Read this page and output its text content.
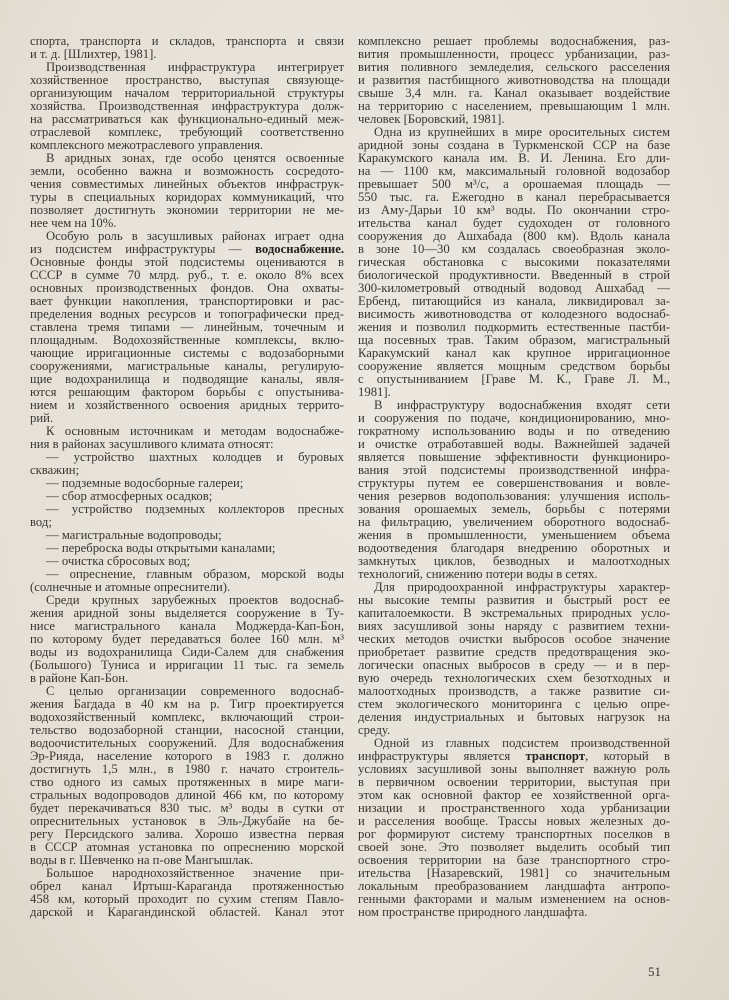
спорта, транспорта и складов, транспорта и связи
и т. д. [Шлихтер, 1981].
Производственная инфраструктура интегрирует
хозяйственное пространство, выступая связующе-
организующим началом территориальной структуры
хозяйства. Производственная инфраструктура долж-
на рассматриваться как функционально-единый меж-
отраслевой комплекс, требующий соответственно
комплексного межотраслевого управления.
В аридных зонах, где особо ценятся освоенные
земли, особенно важна и возможность сосредото-
чения совместимых линейных объектов инфраструк-
туры в специальных коридорах коммуникаций, что
позволяет достигнуть экономии территории не ме-
нее чем на 10%.
Особую роль в засушливых районах играет одна
из подсистем инфраструктуры — водоснабжение.
Основные фонды этой подсистемы оцениваются в
СССР в сумме 70 млрд. руб., т. е. около 8% всех
основных производственных фондов. Она охваты-
вает функции накопления, транспортировки и рас-
пределения водных ресурсов и топографически пред-
ставлена тремя типами — линейным, точечным и
площадным. Водохозяйственные комплексы, вклю-
чающие ирригационные системы с водозаборными
сооружениями, магистральные каналы, регулирую-
щие водохранилища и подводящие каналы, явля-
ются решающим фактором борьбы с опустынива-
нием и хозяйственного освоения аридных террито-
рий.
К основным источникам и методам водоснабже-
ния в районах засушливого климата относят:
— устройство шахтных колодцев и буровых
скважин;
— подземные водосборные галереи;
— сбор атмосферных осадков;
— устройство подземных коллекторов пресных
вод;
— магистральные водопроводы;
— переброска воды открытыми каналами;
— очистка сбросовых вод;
— опреснение, главным образом, морской воды
(солнечные и атомные опреснители).
Среди крупных зарубежных проектов водоснаб-
жения аридной зоны выделяется сооружение в Ту-
нисе магистрального канала Моджерда-Кап-Бон,
по которому будет передаваться более 160 млн. м³
воды из водохранилища Сиди-Салем для снабжения
(Большого) Туниса и ирригации 11 тыс. га земель
в районе Кап-Бон.
С целью организации современного водоснаб-
жения Багдада в 40 км на р. Тигр проектируется
водохозяйственный комплекс, включающий строи-
тельство водозаборной станции, насосной станции,
водоочистительных сооружений. Для водоснабжения
Эр-Рияда, население которого в 1983 г. должно
достигнуть 1,5 млн., в 1980 г. начато строитель-
ство одного из самых протяженных в мире маги-
стральных водопроводов длиной 466 км, по которому
будет перекачиваться 830 тыс. м³ воды в сутки от
опреснительных установок в Эль-Джубайе на бе-
регу Персидского залива. Хорошо известна первая
в СССР атомная установка по опреснению морской
воды в г. Шевченко на п-ове Мангышлак.
Большое народнохозяйственное значение при-
обрел канал Иртыш-Караганда протяженностью
458 км, который проходит по сухим степям Павло-
дарской и Карагандинской областей. Канал этот
комплексно решает проблемы водоснабжения, раз-
вития промышленности, процесс урбанизации, раз-
вития поливного земледелия, сельского расселения
и развития пастбищного животноводства на площади
свыше 3,4 млн. га. Канал оказывает воздействие
на территорию с населением, превышающим 1 млн.
человек [Боровский, 1981].
Одна из крупнейших в мире оросительных систем
аридной зоны создана в Туркменской ССР на базе
Каракумского канала им. В. И. Ленина. Его дли-
на — 1100 км, максимальный головной водозабор
превышает 500 м³/с, а орошаемая площадь —
550 тыс. га. Ежегодно в канал перебрасывается
из Аму-Дарьи 10 км³ воды. По окончании стро-
ительства канал будет судоходен от головного
сооружения до Ашхабада (800 км). Вдоль канала
в зоне 10—30 км создалась своеобразная эколо-
гическая обстановка с высокими показателями
биологической продуктивности. Введенный в строй
300-километровый отводный водовод Ашхабад —
Ербенд, питающийся из канала, ликвидировал за-
висимость животноводства от колодезного водоснаб-
жения и позволил подкормить естественные пастби-
ща посевных трав. Таким образом, магистральный
Каракумский канал как крупное ирригационное
сооружение является мощным средством борьбы
с опустыниванием [Граве М. К., Граве Л. М.,
1981].
В инфраструктуру водоснабжения входят сети
и сооружения по подаче, кондиционированию, мно-
гократному использованию воды и по отведению
и очистке отработавшей воды. Важнейшей задачей
является повышение эффективности функциониро-
вания этой подсистемы производственной инфра-
структуры путем ее совершенствования и вовле-
чения резервов водопользования: улучшения исполь-
зования орошаемых земель, борьбы с потерями
на фильтрацию, увеличением оборотного водоснаб-
жения в промышленности, уменьшением объема
водоотведения благодаря внедрению оборотных и
замкнутых циклов, безводных и малоотходных
технологий, снижению потери воды в сетях.
Для природоохранной инфраструктуры характер-
ны высокие темпы развития и быстрый рост ее
капиталоемкости. В экстремальных природных усло-
виях засушливой зоны наряду с развитием техни-
ческих методов очистки выбросов особое значение
приобретает развитие средств предотвращения эко-
логически опасных выбросов в среду — и в пер-
вую очередь технологических схем безотходных и
малоотходных производств, а также развитие си-
стем экологического мониторинга с целью опре-
деления индустриальных и бытовых нагрузок на
среду.
Одной из главных подсистем производственной
инфраструктуры является транспорт, который в
условиях засушливой зоны выполняет важную роль
в первичном освоении территории, выступая при
этом как основной фактор ее хозяйственной орга-
низации и пространственного хода урбанизации
и расселения вообще. Трассы новых железных до-
рог формируют систему транспортных поселков в
своей зоне. Это позволяет выделить особый тип
освоения территории на базе транспортного стро-
ительства [Назаревский, 1981] со значительным
локальным преобразованием ландшафта антропо-
генными факторами и малым изменением на основ-
ном пространстве природного ландшафта.
51
